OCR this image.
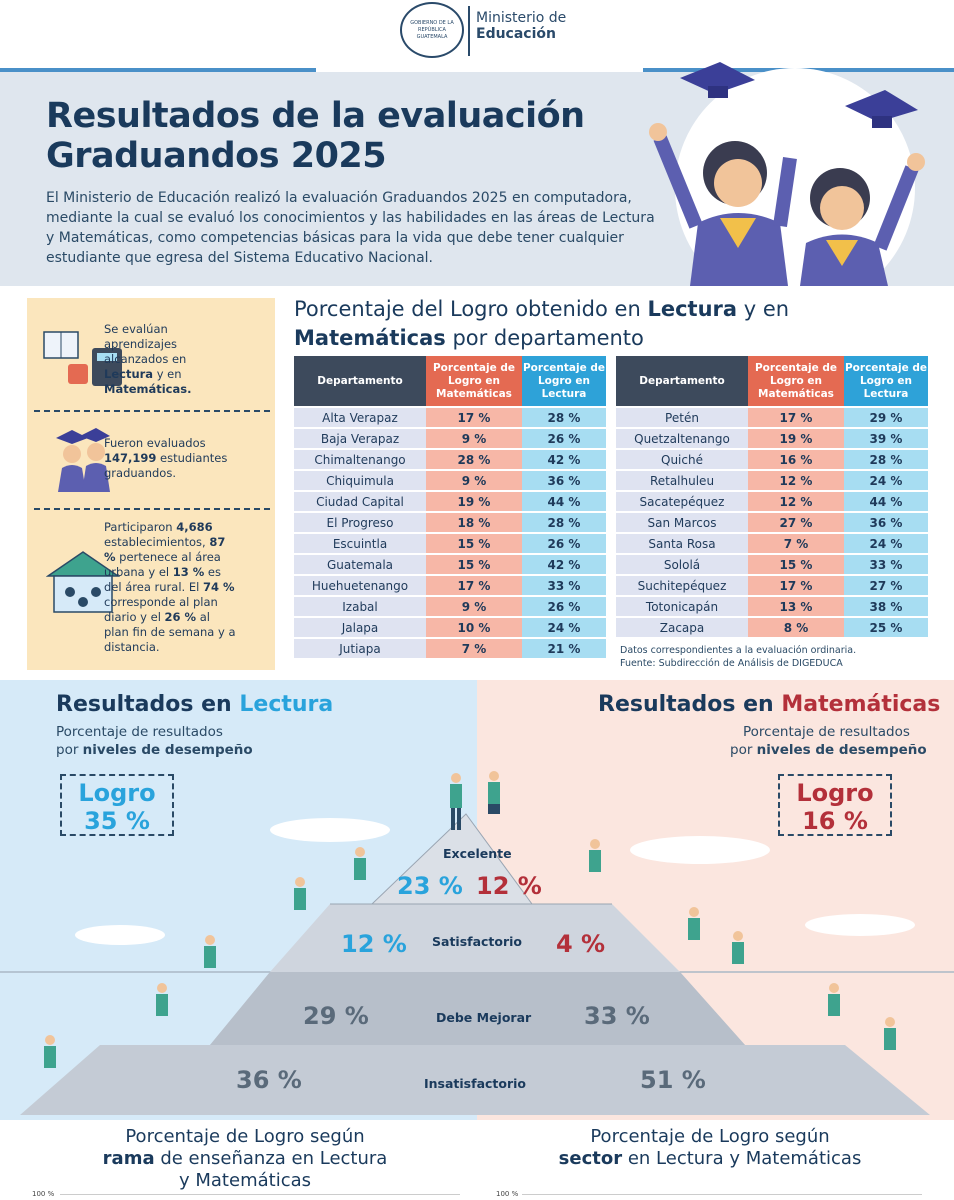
GOBIERNO DE LA REPÚBLICA GUATEMALA
Ministerio de
Educación
Resultados de la evaluación
Graduandos 2025
El Ministerio de Educación realizó la evaluación Graduandos 2025 en computadora, mediante la cual se evaluó los conocimientos y las habilidades en las áreas de Lectura y Matemáticas, como competencias básicas para la vida que debe tener cualquier estudiante que egresa del Sistema Educativo Nacional.
Se evalúan aprendizajes alcanzados en Lectura y en Matemáticas.
Fueron evaluados 147,199 estudiantes graduandos.
Participaron 4,686 establecimientos, 87 % pertenece al área urbana y el 13 % es del área rural. El 74 % corresponde al plan diario y el 26 % al plan fin de semana y a distancia.
Porcentaje del Logro obtenido en Lectura y en
Matemáticas por departamento
Departamento	Porcentaje de Logro en Matemáticas	Porcentaje de Logro en Lectura
Alta Verapaz	17 %	28 %
Baja Verapaz	9 %	26 %
Chimaltenango	28 %	42 %
Chiquimula	9 %	36 %
Ciudad Capital	19 %	44 %
El Progreso	18 %	28 %
Escuintla	15 %	26 %
Guatemala	15 %	42 %
Huehuetenango	17 %	33 %
Izabal	9 %	26 %
Jalapa	10 %	24 %
Jutiapa	7 %	21 %
Departamento	Porcentaje de Logro en Matemáticas	Porcentaje de Logro en Lectura
Petén	17 %	29 %
Quetzaltenango	19 %	39 %
Quiché	16 %	28 %
Retalhuleu	12 %	24 %
Sacatepéquez	12 %	44 %
San Marcos	27 %	36 %
Santa Rosa	7 %	24 %
Sololá	15 %	33 %
Suchitepéquez	17 %	27 %
Totonicapán	13 %	38 %
Zacapa	8 %	25 %
Datos correspondientes a la evaluación ordinaria.
Fuente: Subdirección de Análisis de DIGEDUCA
Resultados en Lectura
Porcentaje de resultados
por niveles de desempeño
Logro
35 %
Resultados en Matemáticas
Porcentaje de resultados
por niveles de desempeño
Logro
16 %
Excelente
23 % 12 %
12 % Satisfactorio 4 %
29 %	Debe Mejorar 33 %
36 %	Insatisfactorio	51 %
Porcentaje de Logro según
rama de enseñanza en Lectura
y Matemáticas
Porcentaje de Logro según
sector en Lectura y Matemáticas
100 %	100 %
